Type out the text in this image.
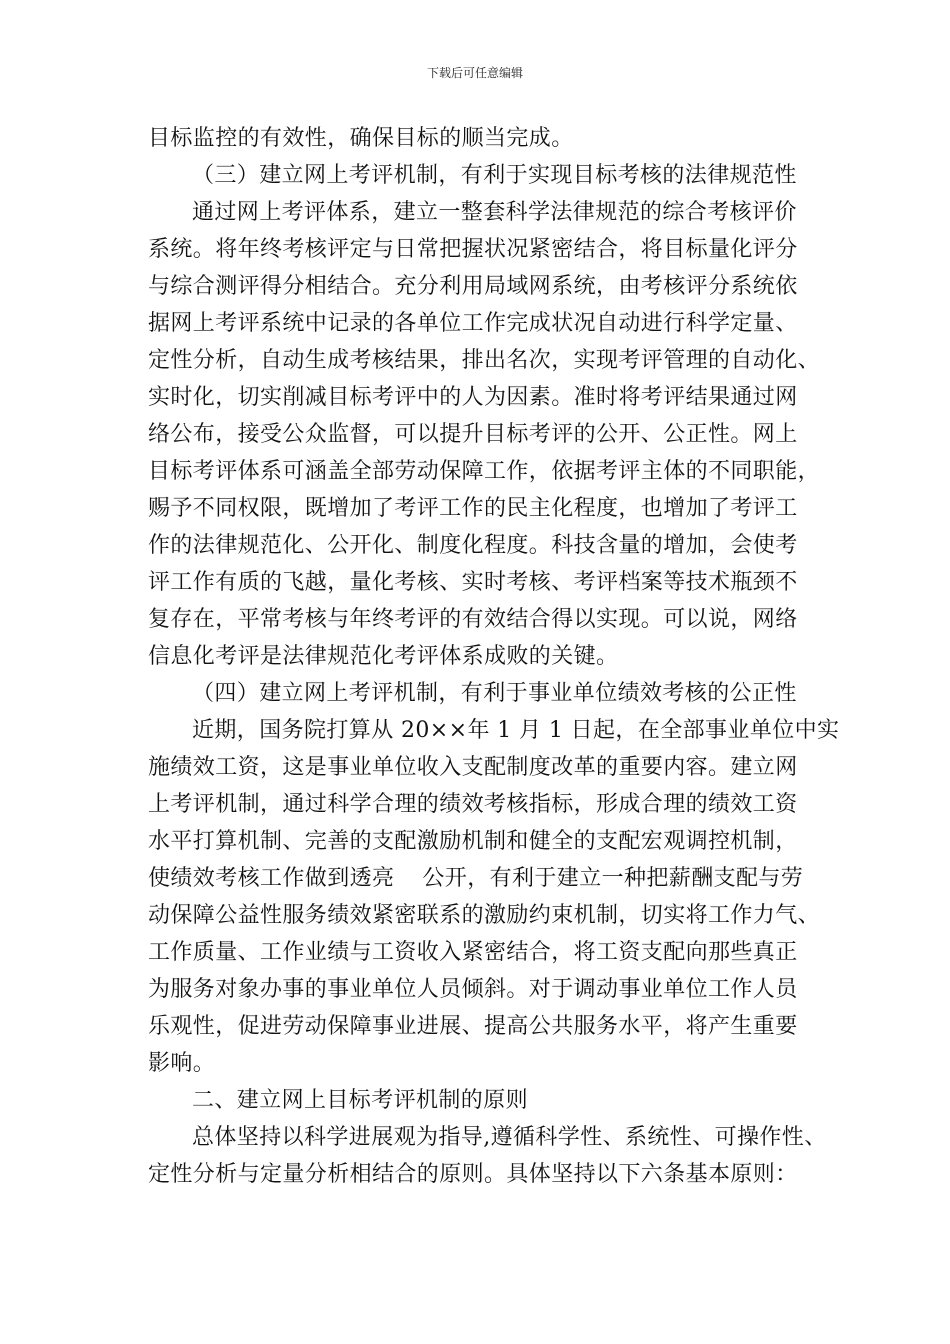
下载后可任意编辑
目标监控的有效性，确保目标的顺当完成。
（三）建立网上考评机制，有利于实现目标考核的法律规范性
通过网上考评体系，建立一整套科学法律规范的综合考核评价
系统。将年终考核评定与日常把握状况紧密结合，将目标量化评分
与综合测评得分相结合。充分利用局域网系统，由考核评分系统依
据网上考评系统中记录的各单位工作完成状况自动进行科学定量、
定性分析，自动生成考核结果，排出名次，实现考评管理的自动化、
实时化，切实削减目标考评中的人为因素。准时将考评结果通过网
络公布，接受公众监督，可以提升目标考评的公开、公正性。网上
目标考评体系可涵盖全部劳动保障工作，依据考评主体的不同职能，
赐予不同权限，既增加了考评工作的民主化程度，也增加了考评工
作的法律规范化、公开化、制度化程度。科技含量的增加，会使考
评工作有质的飞越，量化考核、实时考核、考评档案等技术瓶颈不
复存在，平常考核与年终考评的有效结合得以实现。可以说，网络
信息化考评是法律规范化考评体系成败的关键。
（四）建立网上考评机制，有利于事业单位绩效考核的公正性
近期，国务院打算从 20××年 1 月 1 日起，在全部事业单位中实
施绩效工资，这是事业单位收入支配制度改革的重要内容。建立网
上考评机制，通过科学合理的绩效考核指标，形成合理的绩效工资
水平打算机制、完善的支配激励机制和健全的支配宏观调控机制，
使绩效考核工作做到透亮 公开，有利于建立一种把薪酬支配与劳
动保障公益性服务绩效紧密联系的激励约束机制，切实将工作力气、
工作质量、工作业绩与工资收入紧密结合，将工资支配向那些真正
为服务对象办事的事业单位人员倾斜。对于调动事业单位工作人员
乐观性，促进劳动保障事业进展、提高公共服务水平，将产生重要
影响。
二、建立网上目标考评机制的原则
总体坚持以科学进展观为指导,遵循科学性、系统性、可操作性、
定性分析与定量分析相结合的原则。具体坚持以下六条基本原则：
